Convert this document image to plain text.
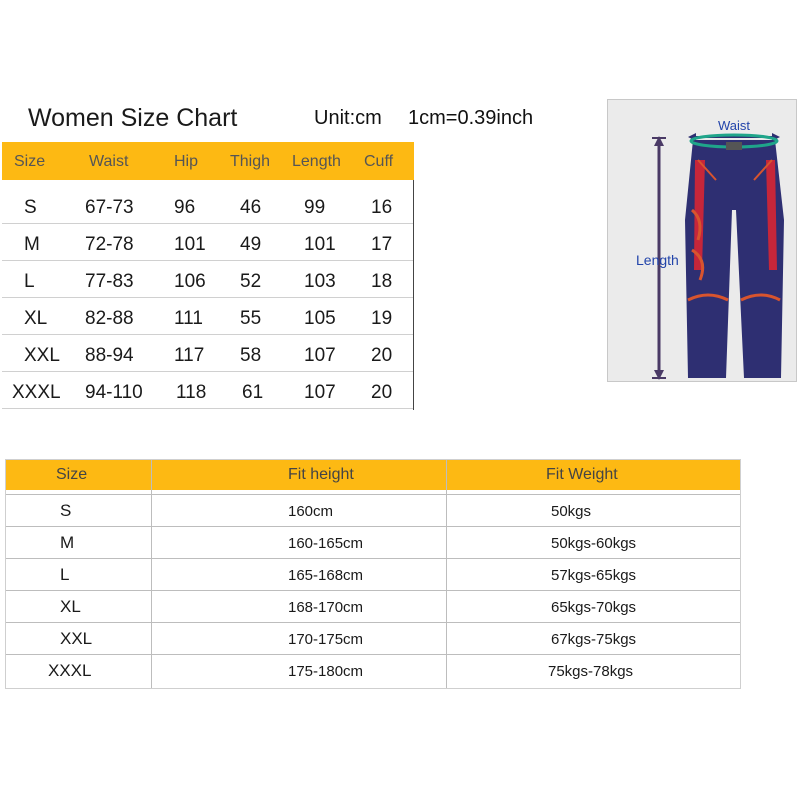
Women Size Chart	Unit:cm 1cm=0.39inch
Size	Waist	Hip Thigh Length Cuff
S	67-73 96 46 99 16
M 72-78 101 49 101 17
L	77-83 106 52 103 18
XL 82-88 111 55 105 19
XXL 88-94 117 58 107 20
XXXL 94-110 118 61 107 20
Waist
Length
Size	Fit height	Fit Weight
S	160cm	50kgs
M	160-165cm	50kgs-60kgs
L	165-168cm	57kgs-65kgs
XL	168-170cm	65kgs-70kgs
XXL	170-175cm	67kgs-75kgs
XXXL	175-180cm	75kgs-78kgs
